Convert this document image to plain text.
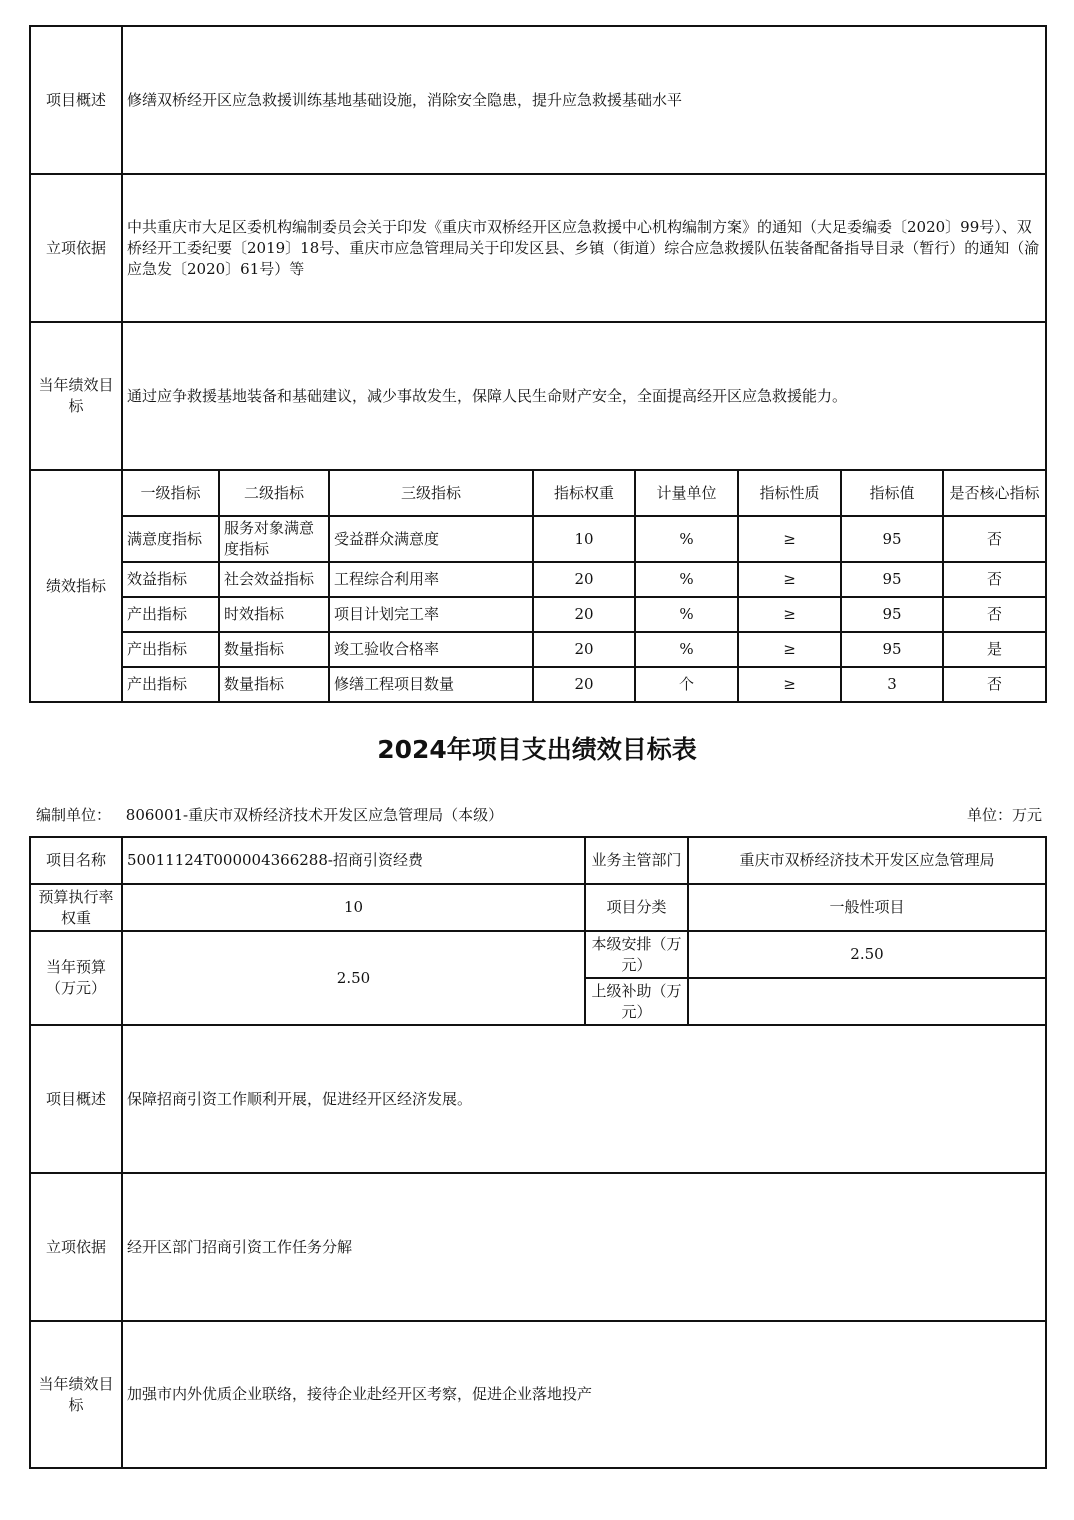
项目概述	修缮双桥经开区应急救援训练基地基础设施，消除安全隐患，提升应急救援基础水平							
立项依据	中共重庆市大足区委机构编制委员会关于印发《重庆市双桥经开区应急救援中心机构编制方案》的通知（大足委编委〔2020〕99号）、双桥经开工委纪要〔2019〕18号、重庆市应急管理局关于印发区县、乡镇（街道）综合应急救援队伍装备配备指导目录（暂行）的通知（渝应急发〔2020〕61号）等							
当年绩效目标	通过应争救援基地装备和基础建议，减少事故发生，保障人民生命财产安全，全面提高经开区应急救援能力。							
绩效指标	一级指标	二级指标	三级指标	指标权重	计量单位	指标性质	指标值	是否核心指标
	满意度指标	服务对象满意度指标	受益群众满意度	10	%	≥	95	否
	效益指标	社会效益指标	工程综合利用率	20	%	≥	95	否
	产出指标	时效指标	项目计划完工率	20	%	≥	95	否
	产出指标	数量指标	竣工验收合格率	20	%	≥	95	是
	产出指标	数量指标	修缮工程项目数量	20	个	≥	3	否
2024年项目支出绩效目标表
编制单位： 806001-重庆市双桥经济技术开发区应急管理局（本级）	单位：万元
项目名称	50011124T000004366288-招商引资经费	业务主管部门	重庆市双桥经济技术开发区应急管理局
预算执行率权重	10	项目分类	一般性项目
当年预算（万元）	2.50	本级安排（万元）	2.50
		上级补助（万元）	
项目概述	保障招商引资工作顺利开展，促进经开区经济发展。		
立项依据	经开区部门招商引资工作任务分解		
当年绩效目标	加强市内外优质企业联络，接待企业赴经开区考察，促进企业落地投产		
